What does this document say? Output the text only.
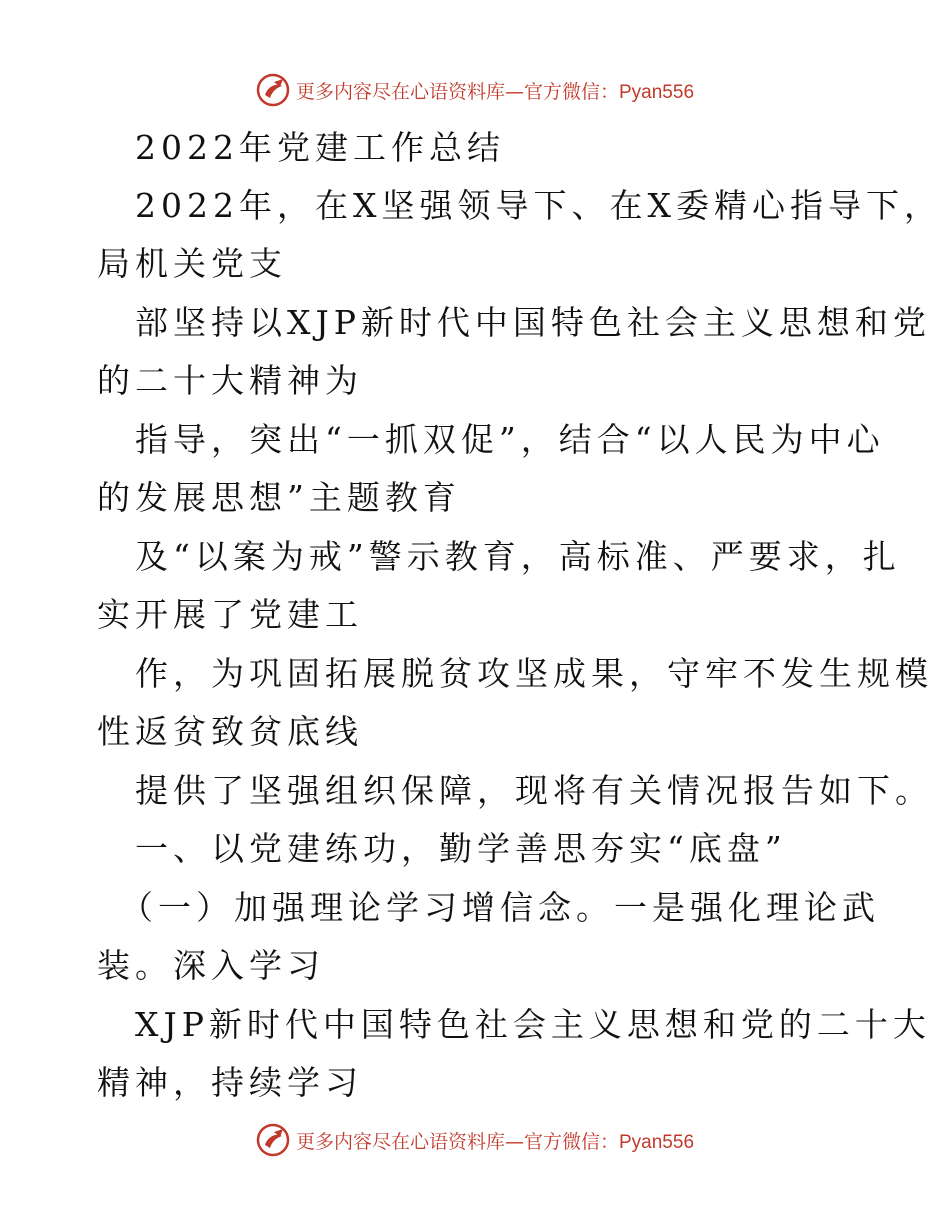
更多内容尽在心语资料库—官方微信：Pyan556
2022年党建工作总结
2022年，在X坚强领导下、在X委精心指导下，
局机关党支
部坚持以XJP新时代中国特色社会主义思想和党
的二十大精神为
指导，突出“一抓双促”，结合“以人民为中心
的发展思想”主题教育
及“以案为戒”警示教育，高标准、严要求，扎
实开展了党建工
作，为巩固拓展脱贫攻坚成果，守牢不发生规模
性返贫致贫底线
提供了坚强组织保障，现将有关情况报告如下。
一、以党建练功，勤学善思夯实“底盘”
（一）加强理论学习增信念。一是强化理论武
装。深入学习
XJP新时代中国特色社会主义思想和党的二十大
精神，持续学习
更多内容尽在心语资料库—官方微信：Pyan556
